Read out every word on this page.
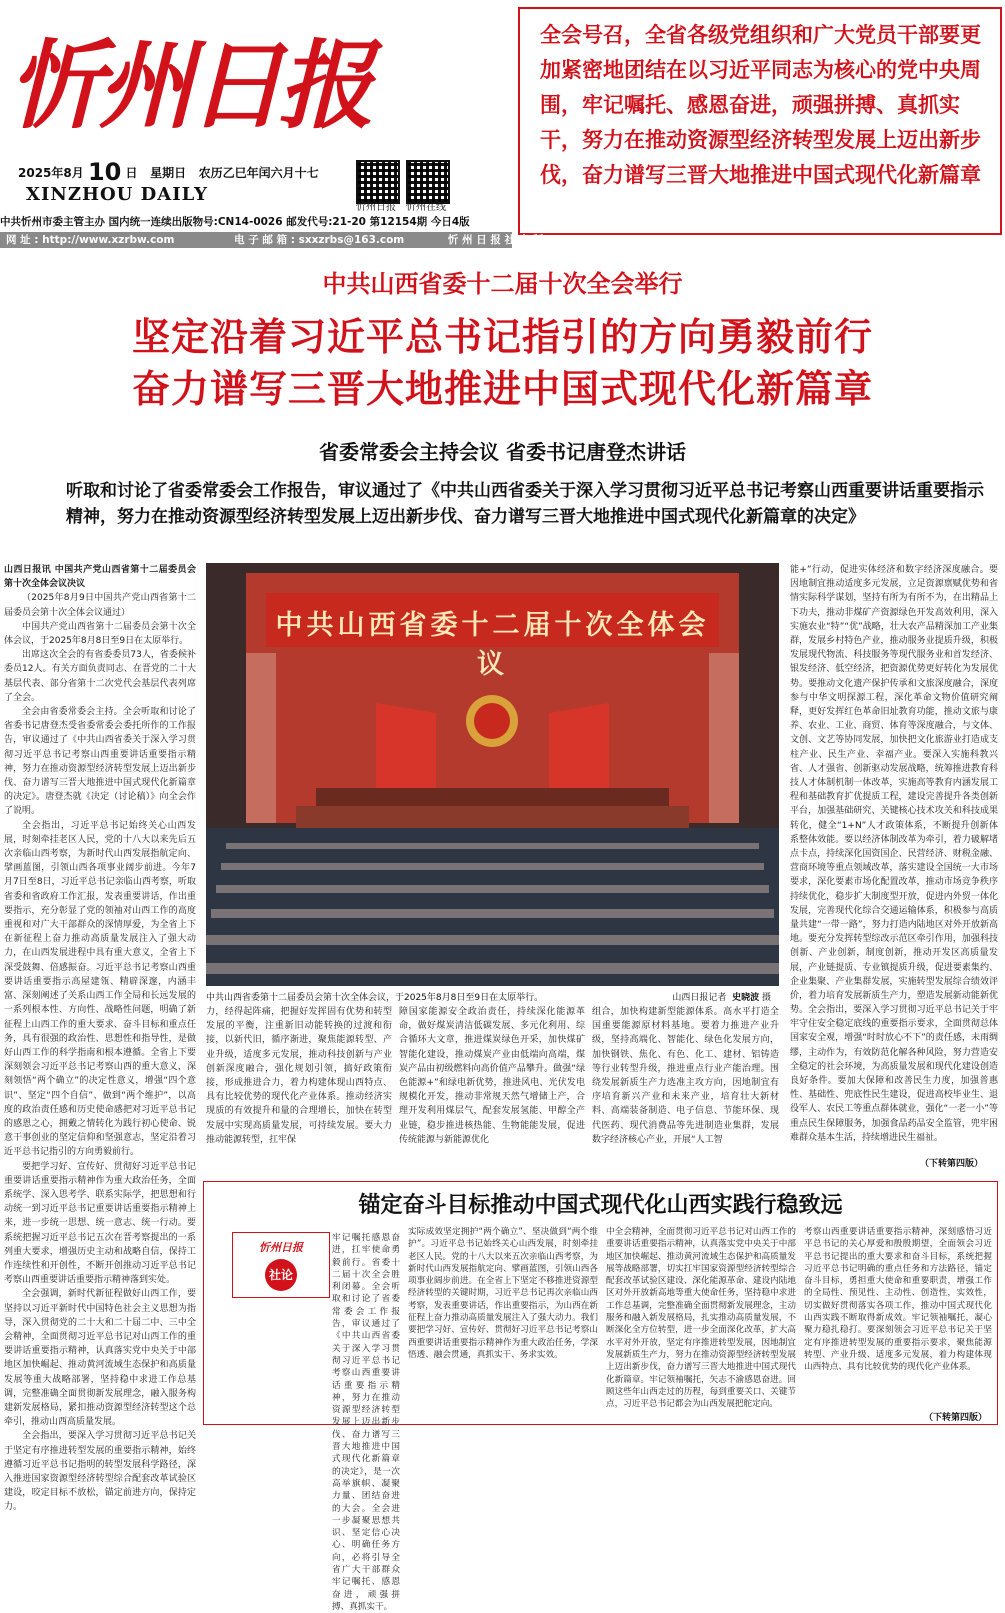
忻州日报
2025年8月 10 日 星期日 农历乙巳年闰六月十七
XINZHOU DAILY
忻州日报	忻州在线
全会号召，全省各级党组织和广大党员干部要更加紧密地团结在以习近平同志为核心的党中央周围，牢记嘱托、感恩奋进，顽强拼搏、真抓实干，努力在推动资源型经济转型发展上迈出新步伐，奋力谱写三晋大地推进中国式现代化新篇章
中共忻州市委主管主办 国内统一连续出版物号:CN14-0026 邮发代号:21-20 第12154期 今日4版
网 址 : http://www.xzrbw.com	电 子 邮 箱 : sxxzrbs@163.com	忻 州 日 报 社 出 版
中共山西省委十二届十次全会举行
坚定沿着习近平总书记指引的方向勇毅前行
奋力谱写三晋大地推进中国式现代化新篇章
省委常委会主持会议 省委书记唐登杰讲话
听取和讨论了省委常委会工作报告，审议通过了《中共山西省委关于深入学习贯彻习近平总书记考察山西重要讲话重要指示精神，努力在推动资源型经济转型发展上迈出新步伐、奋力谱写三晋大地推进中国式现代化新篇章的决定》

山西日报讯 中国共产党山西省第十二届委员会第十次全体会议决议

（2025年8月9日中国共产党山西省第十二届委员会第十次全体会议通过）

中国共产党山西省第十二届委员会第十次全体会议，于2025年8月8日至9日在太原举行。

出席这次全会的有省委委员73人，省委候补委员12人。有关方面负责同志、在晋党的二十大基层代表、部分省第十二次党代会基层代表列席了全会。

全会由省委常委会主持。全会听取和讨论了省委书记唐登杰受省委常委会委托所作的工作报告，审议通过了《中共山西省委关于深入学习贯彻习近平总书记考察山西重要讲话重要指示精神，努力在推动资源型经济转型发展上迈出新步伐、奋力谱写三晋大地推进中国式现代化新篇章的决定》。唐登杰就《决定（讨论稿）》向全会作了说明。

全会指出，习近平总书记始终关心山西发展，时刻牵挂老区人民，党的十八大以来先后五次亲临山西考察，为新时代山西发展指航定向、擘画蓝图，引领山西各项事业阔步前进。今年7月7日至8日，习近平总书记亲临山西考察，听取省委和省政府工作汇报，发表重要讲话，作出重要指示，充分彰显了党的领袖对山西工作的高度重视和对广大干部群众的深情厚爱，为全省上下在新征程上奋力推动高质量发展注入了强大动力，在山西发展进程中具有重大意义，全省上下深受鼓舞、倍感振奋。习近平总书记考察山西重要讲话重要指示高屋建瓴、精辟深邃，内涵丰富、深刻阐述了关系山西工作全局和长远发展的一系列根本性、方向性、战略性问题，明确了新征程上山西工作的重大要求、奋斗目标和重点任务，具有很强的政治性、思想性和指导性，是做好山西工作的科学指南和根本遵循。全省上下要深刻领会习近平总书记考察山西的重大意义，深刻领悟“两个确立”的决定性意义，增强“四个意识”、坚定“四个自信”、做到“两个维护”，以高度的政治责任感和历史使命感把对习近平总书记的感恩之心，拥戴之情转化为践行初心使命、锐意干事创业的坚定信仰和坚强意志，坚定沿着习近平总书记指引的方向勇毅前行。

要把学习好、宣传好、贯彻好习近平总书记重要讲话重要指示精神作为重大政治任务，全面系统学、深入思考学、联系实际学，把思想和行动统一到习近平总书记重要讲话重要指示精神上来，进一步统一思想、统一意志、统一行动。要系统把握习近平总书记五次在晋考察提出的一系列重大要求，增强历史主动和战略自信，保持工作连续性和开创性，不断开创推动习近平总书记考察山西重要讲话重要指示精神落到实处。

全会强调，新时代新征程做好山西工作，要坚持以习近平新时代中国特色社会主义思想为指导，深入贯彻党的二十大和二十届二中、三中全会精神，全面贯彻习近平总书记对山西工作的重要讲话重要指示精神，认真落实党中央关于中部地区加快崛起、推动黄河流域生态保护和高质量发展等重大战略部署，坚持稳中求进工作总基调，完整准确全面贯彻新发展理念，融入服务构建新发展格局，紧扣推动资源型经济转型这个总牵引，推动山西高质量发展。

全会指出，要深入学习贯彻习近平总书记关于坚定有序推进转型发展的重要指示精神，始终遵循习近平总书记指明的转型发展科学路径，深入推进国家资源型经济转型综合配套改革试验区建设，咬定目标不放松，锚定前进方向，保持定力。

中共山西省委十二届十次全体会议
中共山西省委第十二届委员会第十次全体会议，于2025年8月8日至9日在太原举行。	山西日报记者 史晓波 摄

能+”行动，促进实体经济和数字经济深度融合。要因地制宜推动适度多元发展，立足资源禀赋优势和省情实际科学谋划，坚持有所为有所不为，在出精品上下功夫，推动非煤矿产资源绿色开发高效利用，深入实施农业“特”“优”战略，壮大农产品精深加工产业集群，发展乡村特色产业，推动服务业提质升级，积极发展现代物流、科技服务等现代服务业和首发经济、银发经济、低空经济，把资源优势更好转化为发展优势。要推动文化遗产保护传承和文旅深度融合，深度参与中华文明探源工程，深化革命文物价值研究阐释，更好发挥红色革命旧址教育功能，推动文旅与康养、农业、工业、商贸、体育等深度融合，与文体、文创、文艺等协同发展，加快把文化旅游业打造成支柱产业、民生产业、幸福产业。要深入实施科教兴省、人才强省、创新驱动发展战略，统筹推进教育科技人才体制机制一体改革，实施高等教育内涵发展工程和基础教育扩优提质工程，建设完善提升各类创新平台，加强基础研究、关键核心技术攻关和科技成果转化，健全“1+N”人才政策体系，不断提升创新体系整体效能。要以经济体制改革为牵引，着力破解堵点卡点，持续深化国资国企、民营经济、财税金融、营商环境等重点领域改革，落实建设全国统一大市场要求，深化要素市场化配置改革，推动市场竞争秩序持续优化，稳步扩大制度型开放，促进内外贸一体化发展，完善现代化综合交通运输体系，积极参与高质量共建“一带一路”，努力打造内陆地区对外开放新高地。要充分发挥转型综改示范区牵引作用，加强科技创新、产业创新，制度创新，推动开发区高质量发展，产业链提质、专业镇提质升级，促进要素集约、企业集聚、产业集群发展，实施转型发展综合绩效评价，着力培育发展新质生产力，塑造发展新动能新优势。 全会指出，要深入学习贯彻习近平总书记关于牢牢守住安全稳定底线的重要指示要求，全面贯彻总体国家安全观，增强“时时放心不下”的责任感，未雨绸缪，主动作为，有效防范化解各种风险，努力营造安全稳定的社会环境，为高质量发展和现代化建设创造良好条件。要加大保障和改善民生力度，加强普惠性、基础性、兜底性民生建设，促进高校毕业生、退役军人、农民工等重点群体就业，强化“一老一小”等重点民生保障服务，加强食品药品安全监管，兜牢困难群众基本生活，持续增进民生福祉。

（下转第四版）

力，经得起阵痛，把握好发挥固有优势和转型发展的平衡，注重新旧动能转换的过渡和衔接，以新代旧，循序渐进，聚焦能源转型、产业升级，适度多元发展，推动科技创新与产业创新深度融合，强化规划引领，搞好政策衔接，形成推进合力，着力构建体现山西特点、具有比较优势的现代化产业体系。推动经济实现质的有效提升和量的合理增长，加快在转型发展中实现高质量发展，可持续发展。要大力推动能源转型，扛牢保

障国家能源安全政治责任，持续深化能源革命，做好煤炭清洁低碳发展、多元化利用、综合循环大文章，推进煤炭绿色开采，加快煤矿智能化建设，推动煤炭产业由低端向高端，煤炭产品由初级燃料向高价值产品攀升。做强“绿色能源+”和绿电新优势，推进风电、光伏发电规模化开发，推动非常规天然气增储上产，合理开发利用煤层气，配套发展氢能、甲醇全产业链，稳步推进核热能、生物能能发展，促进传统能源与新能源优化

组合，加快构建新型能源体系。高水平打造全国重要能源原材料基地。要着力推进产业升级，坚持高端化、智能化、绿色化发展方向，加快钢铁、焦化、有色、化工、建材、铝铸造等行业转型升级，推进重点行业产能治理。围绕发展新质生产力选准主攻方向，因地制宜有序培育新兴产业和未来产业，培育壮大新材料、高端装备制造、电子信息、节能环保、现代医药、现代消费品等先进制造业集群，发展数字经济核心产业，开展“人工智

锚定奋斗目标推动中国式现代化山西实践行稳致远
忻州日报
社论

牢记嘱托感恩奋进，扛牢使命勇毅前行。省委十二届十次全会胜利闭幕。全会听取和讨论了省委常委会工作报告，审议通过了《中共山西省委关于深入学习贯彻习近平总书记考察山西重要讲话重要指示精神，努力在推动资源型经济转型发展上迈出新步伐、奋力谱写三晋大地推进中国式现代化新篇章的决定》，是一次高举旗帜、凝聚力量、团结奋进的大会。全会进一步凝聚思想共识、坚定信心决心、明确任务方向，必将引导全省广大干部群众牢记嘱托、感恩奋进，顽强拼搏、真抓实干。

实际成效坚定拥护“两个确立”、坚决做到“两个维护”。习近平总书记始终关心山西发展，时刻牵挂老区人民。党的十八大以来五次亲临山西考察，为新时代山西发展指航定向、擘画蓝图，引领山西各项事业阔步前进。在全省上下坚定不移推进资源型经济转型的关键时期，习近平总书记再次亲临山西考察，发表重要讲话，作出重要指示，为山西在新征程上奋力推动高质量发展注入了强大动力。我们要把学习好、宣传好、贯彻好习近平总书记考察山西重要讲话重要指示精神作为重大政治任务，学深悟透、融会贯通，真抓实干、务求实效。

中全会精神，全面贯彻习近平总书记对山西工作的重要讲话重要指示精神，认真落实党中央关于中部地区加快崛起、推动黄河流域生态保护和高质量发展等战略部署，切实扛牢国家资源型经济转型综合配套改革试验区建设、深化能源革命、建设内陆地区对外开放新高地等重大使命任务，坚持稳中求进工作总基调，完整准确全面贯彻新发展理念，主动服务和融入新发展格局，扎实推动高质量发展，不断深化全方位转型，进一步全面深化改革，扩大高水平对外开放，坚定有序推进转型发展，因地制宜发展新质生产力，努力在推动资源型经济转型发展上迈出新步伐，奋力谱写三晋大地推进中国式现代化新篇章。牢记领袖嘱托，矢志不渝感恩奋进。回顾这些年山西走过的历程，每到重要关口、关键节点，习近平总书记都会为山西发展把舵定向。

考察山西重要讲话重要指示精神，深刻感悟习近平总书记的关心厚爱和殷殷期望，全面领会习近平总书记提出的重大要求和奋斗目标，系统把握习近平总书记明确的重点任务和方法路径，锚定奋斗目标，勇担重大使命和重要职责，增强工作的全局性、预见性、主动性、创造性，实效性，切实做好贯彻落实各项工作，推动中国式现代化山西实践不断取得新成效。牢记领袖嘱托，凝心聚力稳扎稳打。要深刻领会习近平总书记关于坚定有序推进转型发展的重要指示要求，聚焦能源转型、产业升级、适度多元发展，着力构建体现山西特点、具有比较优势的现代化产业体系。

（下转第四版）
